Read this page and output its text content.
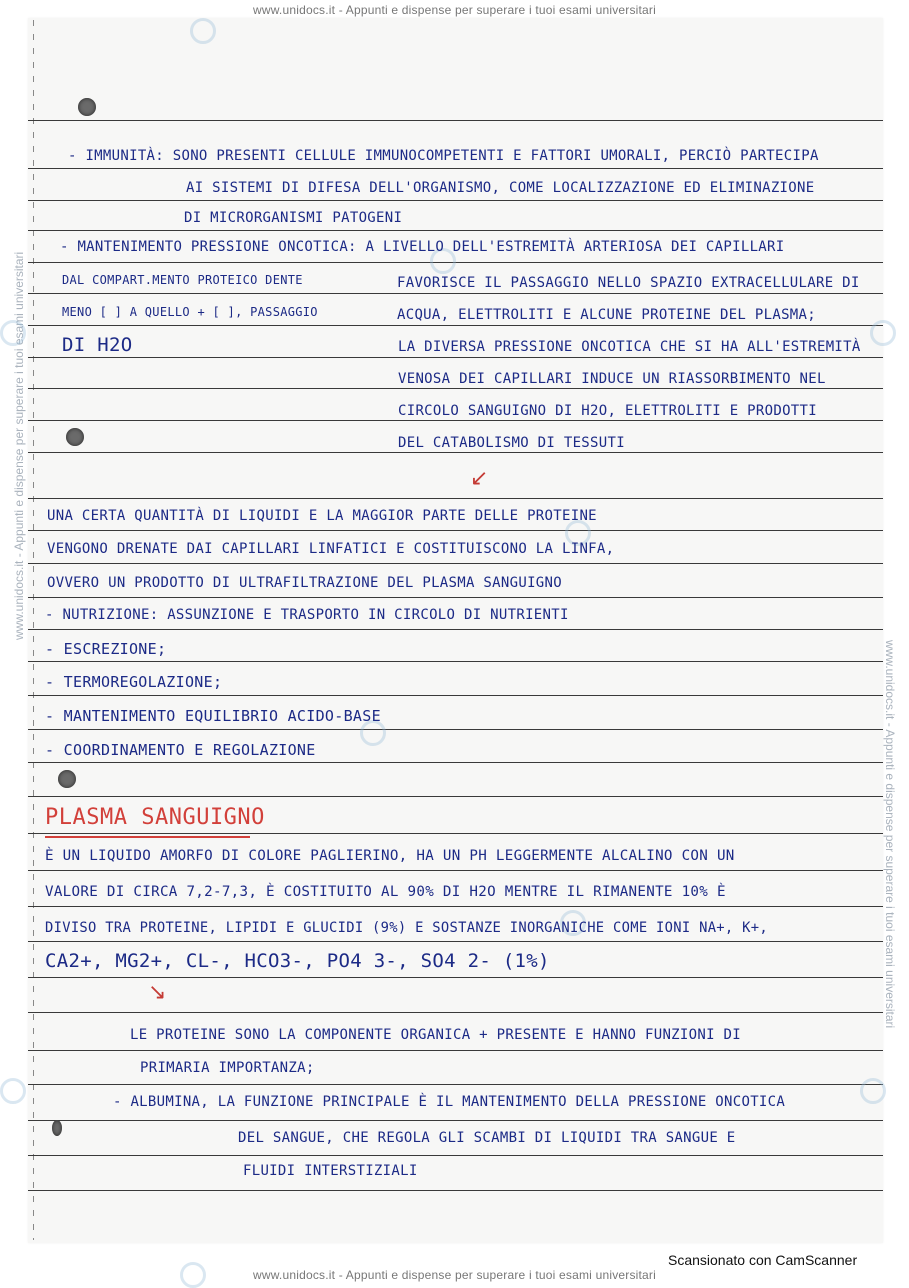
www.unidocs.it - Appunti e dispense per superare i tuoi esami universitari
www.unidocs.it - Appunti e dispense per superare i tuoi esami universitari
www.unidocs.it - Appunti e dispense per superare i tuoi esami universitari
www.unidocs.it - Appunti e dispense per superare i tuoi esami universitari
- IMMUNITÀ: SONO PRESENTI CELLULE IMMUNOCOMPETENTI E FATTORI UMORALI, PERCIÒ PARTECIPA
AI SISTEMI DI DIFESA DELL'ORGANISMO, COME LOCALIZZAZIONE ED ELIMINAZIONE
DI MICRORGANISMI PATOGENI
- MANTENIMENTO PRESSIONE ONCOTICA: A LIVELLO DELL'ESTREMITÀ ARTERIOSA DEI CAPILLARI
DAL COMPART.MENTO PROTEICO DENTE
MENO [ ] A QUELLO + [ ], PASSAGGIO
DI H2O
FAVORISCE IL PASSAGGIO NELLO SPAZIO EXTRACELLULARE DI
ACQUA, ELETTROLITI E ALCUNE PROTEINE DEL PLASMA;
LA DIVERSA PRESSIONE ONCOTICA CHE SI HA ALL'ESTREMITÀ
VENOSA DEI CAPILLARI INDUCE UN RIASSORBIMENTO NEL
CIRCOLO SANGUIGNO DI H2O, ELETTROLITI E PRODOTTI
DEL CATABOLISMO DI TESSUTI
↙
UNA CERTA QUANTITÀ DI LIQUIDI E LA MAGGIOR PARTE DELLE PROTEINE
VENGONO DRENATE DAI CAPILLARI LINFATICI E COSTITUISCONO LA LINFA,
OVVERO UN PRODOTTO DI ULTRAFILTRAZIONE DEL PLASMA SANGUIGNO
- NUTRIZIONE: ASSUNZIONE E TRASPORTO IN CIRCOLO DI NUTRIENTI
- ESCREZIONE;
- TERMOREGOLAZIONE;
- MANTENIMENTO EQUILIBRIO ACIDO-BASE
- COORDINAMENTO E REGOLAZIONE
PLASMA SANGUIGNO
È UN LIQUIDO AMORFO DI COLORE PAGLIERINO, HA UN PH LEGGERMENTE ALCALINO CON UN
VALORE DI CIRCA 7,2-7,3, È COSTITUITO AL 90% DI H2O MENTRE IL RIMANENTE 10% È
DIVISO TRA PROTEINE, LIPIDI E GLUCIDI (9%) E SOSTANZE INORGANICHE COME IONI NA+, K+,
CA2+, MG2+, CL-, HCO3-, PO4 3-, SO4 2- (1%)
↘
LE PROTEINE SONO LA COMPONENTE ORGANICA + PRESENTE E HANNO FUNZIONI DI
PRIMARIA IMPORTANZA;
- ALBUMINA, LA FUNZIONE PRINCIPALE È IL MANTENIMENTO DELLA PRESSIONE ONCOTICA
DEL SANGUE, CHE REGOLA GLI SCAMBI DI LIQUIDI TRA SANGUE E
FLUIDI INTERSTIZIALI
Scansionato con CamScanner
